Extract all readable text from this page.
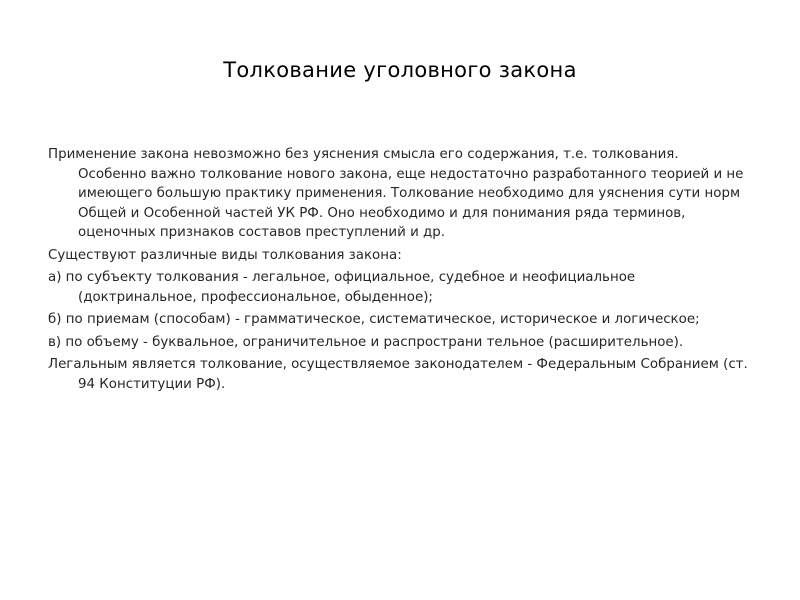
Толкование уголовного закона

Применение закона невозможно без уяснения смысла его содержания, т.е. толкования. Особенно важно толкование нового закона, еще недостаточно разработанного теорией и не имеющего большую практику применения. Толкование необходимо для уяснения сути норм Общей и Особенной частей УК РФ. Оно необходимо и для понимания ряда терминов, оценочных признаков составов преступлений и др.

Существуют различные виды толкования закона:

а) по субъекту толкования - легальное, официальное, судебное и неофициальное (доктринальное, профессиональное, обыденное);

б) по приемам (способам) - грамматическое, систематическое, историческое и логическое;

в) по объему - буквальное, ограничительное и распространи тельное (расширительное).

Легальным является толкование, осуществляемое законодателем - Федеральным Собранием (ст. 94 Конституции РФ).
